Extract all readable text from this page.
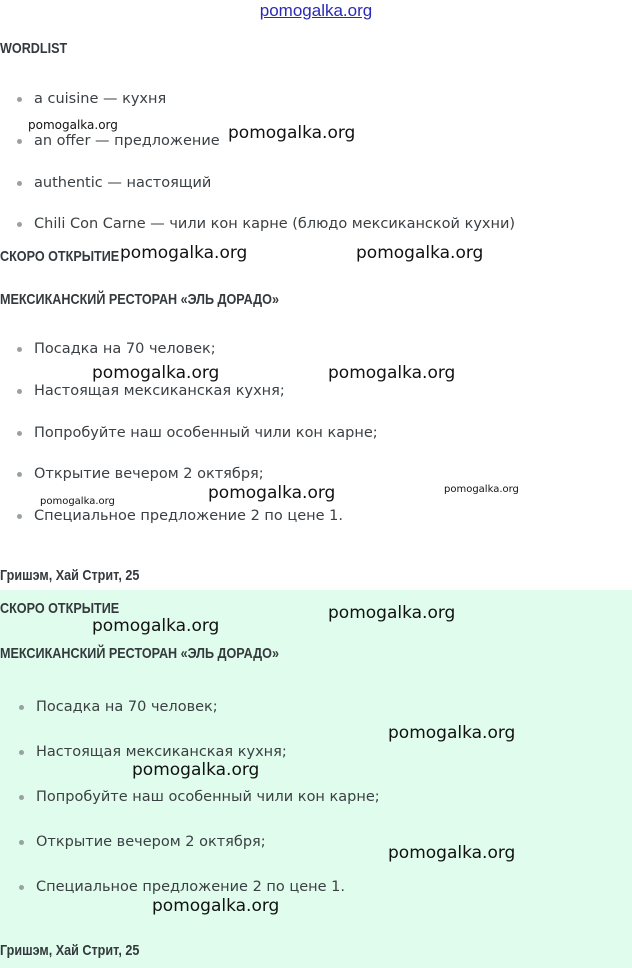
pomogalka.org
WORDLIST
a cuisine — кухня
an offer — предложение
authentic — настоящий
Chili Con Carne — чили кон карне (блюдо мексиканской кухни)
СКОРО ОТКРЫТИЕ
МЕКСИКАНСКИЙ РЕСТОРАН «ЭЛЬ ДОРАДО»
Посадка на 70 человек;
Настоящая мексиканская кухня;
Попробуйте наш особенный чили кон карне;
Открытие вечером 2 октября;
Специальное предложение 2 по цене 1.
Гришэм, Хай Стрит, 25
СКОРО ОТКРЫТИЕ
МЕКСИКАНСКИЙ РЕСТОРАН «ЭЛЬ ДОРАДО»
Посадка на 70 человек;
Настоящая мексиканская кухня;
Попробуйте наш особенный чили кон карне;
Открытие вечером 2 октября;
Специальное предложение 2 по цене 1.
Гришэм, Хай Стрит, 25
pomogalka.org	pomogalka.org
pomogalka.org	pomogalka.org
pomogalka.org	pomogalka.org
pomogalka.org	pomogalka.org	pomogalka.org
pomogalka.org
pomogalka.org
pomogalka.org
pomogalka.org
pomogalka.org
pomogalka.org
